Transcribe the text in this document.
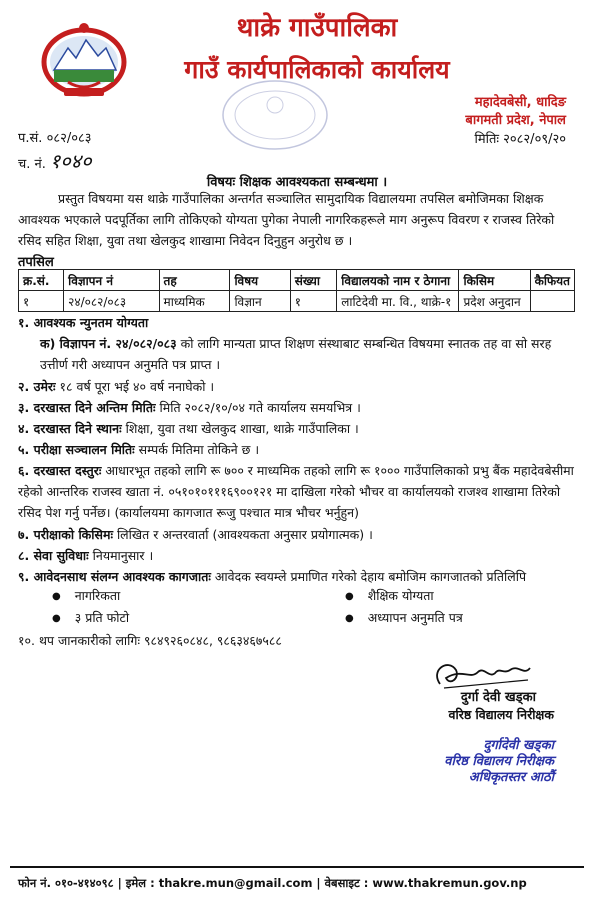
थाक्रे गाउँपालिका
गाउँ कार्यपालिकाको कार्यालय
महादेवबेसी, धादिङ
बागमती प्रदेश, नेपाल
मितिः २०८२/०९/२०
प.सं. ०८२/०८३
च. नं. १०४०
विषयः शिक्षक आवश्यकता सम्बन्धमा ।
प्रस्तुत विषयमा यस थाक्रे गाउँपालिका अन्तर्गत सञ्चालित सामुदायिक विद्यालयमा तपसिल बमोजिमका शिक्षक आवश्यक भएकाले पदपूर्तिका लागि तोकिएको योग्यता पुगेका नेपाली नागरिकहरूले माग अनुरूप विवरण र राजस्व तिरेको रसिद सहित शिक्षा, युवा तथा खेलकुद शाखामा निवेदन दिनुहुन अनुरोध छ ।
तपसिल
क्र.सं.	विज्ञापन नं	तह	विषय	संख्या	विद्यालयको नाम र ठेगाना	किसिम	कैफियत
१	२४/०८२/०८३	माध्यमिक	विज्ञान	१	लाटिदेवी मा. वि., थाक्रे-१	प्रदेश अनुदान	
१. आवश्यक न्युनतम योग्यता
क) विज्ञापन नं. २४/०८२/०८३ को लागि मान्यता प्राप्त शिक्षण संस्थाबाट सम्बन्धित विषयमा स्नातक तह वा सो सरह उत्तीर्ण गरी अध्यापन अनुमति पत्र प्राप्त ।
२. उमेरः १८ वर्ष पूरा भई ४० वर्ष ननाघेको ।
३. दरखास्त दिने अन्तिम मितिः मिति २०८२/१०/०४ गते कार्यालय समयभित्र ।
४. दरखास्त दिने स्थानः शिक्षा, युवा तथा खेलकुद शाखा, थाक्रे गाउँपालिका ।
५. परीक्षा सञ्चालन मितिः सम्पर्क मितिमा तोकिने छ ।
६. दरखास्त दस्तुरः आधारभूत तहको लागि रू ७०० र माध्यमिक तहको लागि रू १००० गाउँपालिकाको प्रभु बैंक महादेवबेसीमा रहेको आन्तरिक राजस्व खाता नं. ०५१०१०१११६९००१२१ मा दाखिला गरेको भौचर वा कार्यालयको राजश्व शाखामा तिरेको रसिद पेश गर्नु पर्नेछ। (कार्यालयमा कागजात रूजु पश्चात मात्र भौचर भर्नुहुन)
७. परीक्षाको किसिमः लिखित र अन्तरवार्ता (आवश्यकता अनुसार प्रयोगात्मक) ।
८. सेवा सुविधाः नियमानुसार ।
९. आवेदनसाथ संलग्न आवश्यक कागजातः आवेदक स्वयम्ले प्रमाणित गरेको देहाय बमोजिम कागजातको प्रतिलिपि
● नागरिकता	● शैक्षिक योग्यता
● ३ प्रति फोटो	● अध्यापन अनुमति पत्र
१०. थप जानकारीको लागिः ९८४९२६०८४८, ९८६३४६७५८८
दुर्गा देवी खड्का
वरिष्ठ विद्यालय निरीक्षक
दुर्गादेवी खड्का
वरिष्ठ विद्यालय निरीक्षक
अधिकृतस्तर आठौं
फोन नं. ०१०-४१४०९८ | इमेल : thakre.mun@gmail.com | वेबसाइट : www.thakremun.gov.np
